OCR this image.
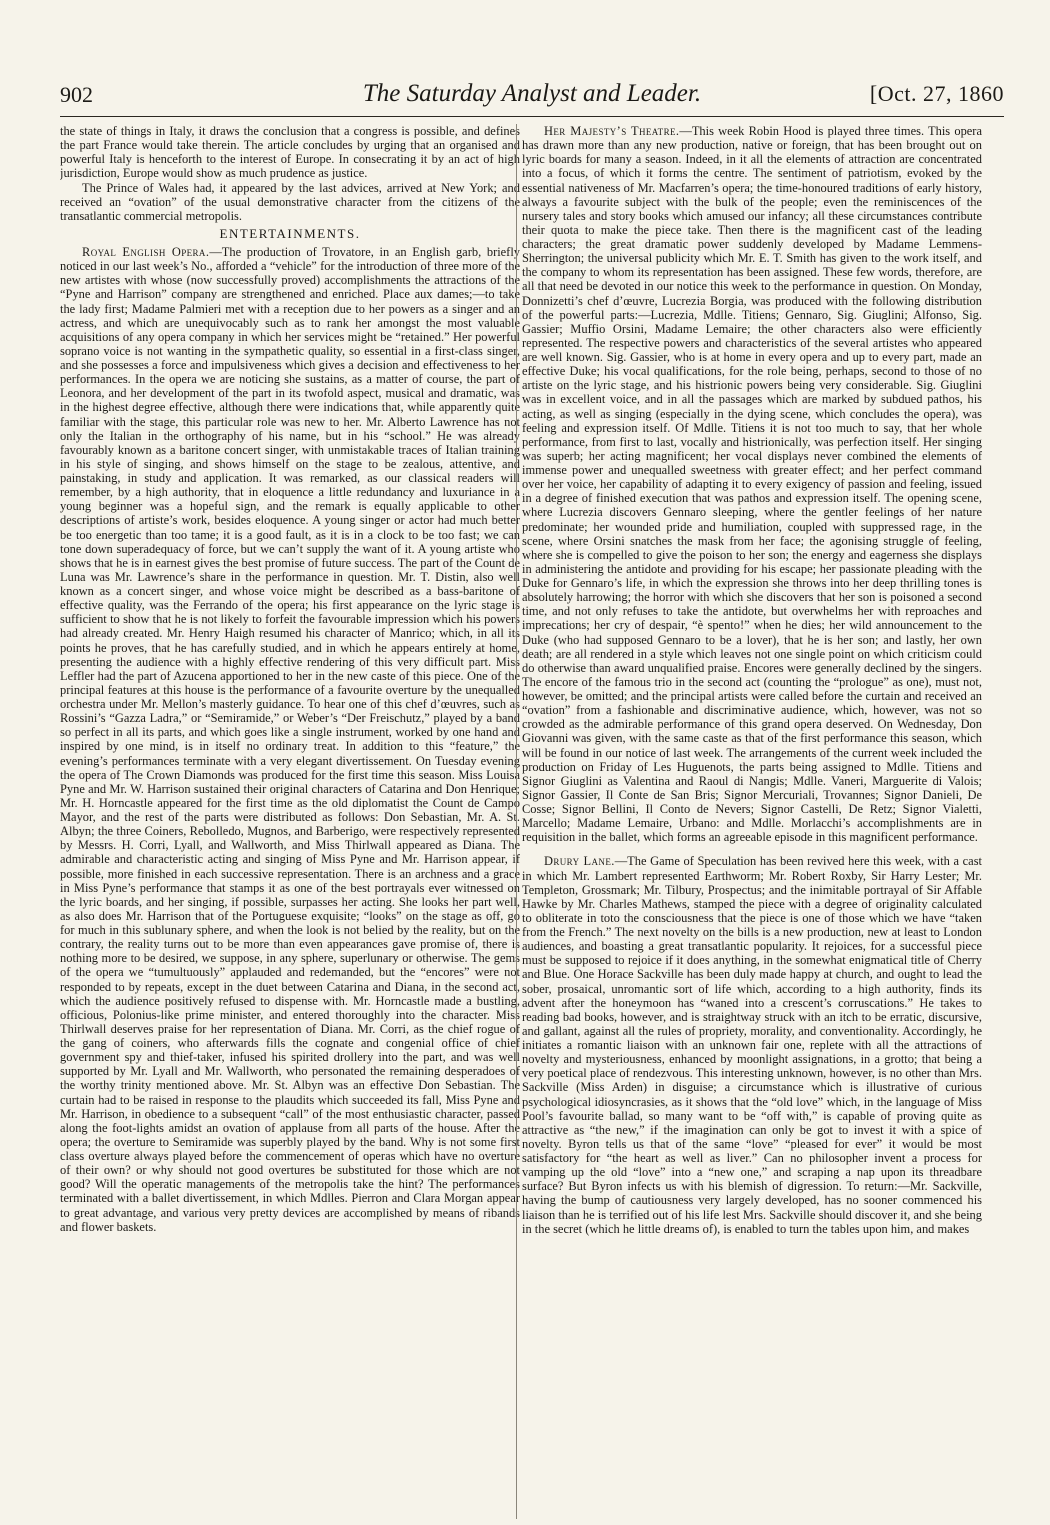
902	The Saturday Analyst and Leader.	[Oct. 27, 1860

the state of things in Italy, it draws the conclusion that a congress is possible, and defines the part France would take therein. The article concludes by urging that an organised and powerful Italy is henceforth to the interest of Europe. In consecrating it by an act of high jurisdiction, Europe would show as much prudence as justice.

The Prince of Wales had, it appeared by the last advices, arrived at New York; and received an “ovation” of the usual demonstrative character from the citizens of the transatlantic commercial metropolis.

ENTERTAINMENTS.

Royal English Opera.—The production of Trovatore, in an English garb, briefly noticed in our last week’s No., afforded a “vehicle” for the introduction of three more of the new artistes with whose (now successfully proved) accomplishments the attractions of the “Pyne and Harrison” company are strengthened and enriched. Place aux dames;—to take the lady first; Madame Palmieri met with a reception due to her powers as a singer and an actress, and which are unequivocably such as to rank her amongst the most valuable acquisitions of any opera company in which her services might be “retained.” Her powerful soprano voice is not wanting in the sympathetic quality, so essential in a first-class singer, and she possesses a force and impulsiveness which gives a decision and effectiveness to her performances. In the opera we are noticing she sustains, as a matter of course, the part of Leonora, and her development of the part in its twofold aspect, musical and dramatic, was in the highest degree effective, although there were indications that, while apparently quite familiar with the stage, this particular role was new to her. Mr. Alberto Lawrence has not only the Italian in the orthography of his name, but in his “school.” He was already favourably known as a baritone concert singer, with unmistakable traces of Italian training in his style of singing, and shows himself on the stage to be zealous, attentive, and painstaking, in study and application. It was remarked, as our classical readers will remember, by a high authority, that in eloquence a little redundancy and luxuriance in a young beginner was a hopeful sign, and the remark is equally applicable to other descriptions of artiste’s work, besides eloquence. A young singer or actor had much better be too energetic than too tame; it is a good fault, as it is in a clock to be too fast; we can tone down superadequacy of force, but we can’t supply the want of it. A young artiste who shows that he is in earnest gives the best promise of future success. The part of the Count de Luna was Mr. Lawrence’s share in the performance in question. Mr. T. Distin, also well known as a concert singer, and whose voice might be described as a bass-baritone of effective quality, was the Ferrando of the opera; his first appearance on the lyric stage is sufficient to show that he is not likely to forfeit the favourable impression which his powers had already created. Mr. Henry Haigh resumed his character of Manrico; which, in all its points he proves, that he has carefully studied, and in which he appears entirely at home, presenting the audience with a highly effective rendering of this very difficult part. Miss Leffler had the part of Azucena apportioned to her in the new caste of this piece. One of the principal features at this house is the performance of a favourite overture by the unequalled orchestra under Mr. Mellon’s masterly guidance. To hear one of this chef d’œuvres, such as Rossini’s “Gazza Ladra,” or “Semiramide,” or Weber’s “Der Freischutz,” played by a band so perfect in all its parts, and which goes like a single instrument, worked by one hand and inspired by one mind, is in itself no ordinary treat. In addition to this “feature,” the evening’s performances terminate with a very elegant divertissement. On Tuesday evening the opera of The Crown Diamonds was produced for the first time this season. Miss Louisa Pyne and Mr. W. Harrison sustained their original characters of Catarina and Don Henrique; Mr. H. Horncastle appeared for the first time as the old diplomatist the Count de Campo Mayor, and the rest of the parts were distributed as follows: Don Sebastian, Mr. A. St. Albyn; the three Coiners, Rebolledo, Mugnos, and Barberigo, were respectively represented by Messrs. H. Corri, Lyall, and Wallworth, and Miss Thirlwall appeared as Diana. The admirable and characteristic acting and singing of Miss Pyne and Mr. Harrison appear, if possible, more finished in each successive representation. There is an archness and a grace in Miss Pyne’s performance that stamps it as one of the best portrayals ever witnessed on the lyric boards, and her singing, if possible, surpasses her acting. She looks her part well, as also does Mr. Harrison that of the Portuguese exquisite; “looks” on the stage as off, go for much in this sublunary sphere, and when the look is not belied by the reality, but on the contrary, the reality turns out to be more than even appearances gave promise of, there is nothing more to be desired, we suppose, in any sphere, superlunary or otherwise. The gems of the opera we “tumultuously” applauded and redemanded, but the “encores” were not responded to by repeats, except in the duet between Catarina and Diana, in the second act, which the audience positively refused to dispense with. Mr. Horncastle made a bustling, officious, Polonius-like prime minister, and entered thoroughly into the character. Miss Thirlwall deserves praise for her representation of Diana. Mr. Corri, as the chief rogue of the gang of coiners, who afterwards fills the cognate and congenial office of chief government spy and thief-taker, infused his spirited drollery into the part, and was well supported by Mr. Lyall and Mr. Wallworth, who personated the remaining desperadoes of the worthy trinity mentioned above. Mr. St. Albyn was an effective Don Sebastian. The curtain had to be raised in response to the plaudits which succeeded its fall, Miss Pyne and Mr. Harrison, in obedience to a subsequent “call” of the most enthusiastic character, passed along the foot-lights amidst an ovation of applause from all parts of the house. After the opera; the overture to Semiramide was superbly played by the band. Why is not some first class overture always played before the commencement of operas which have no overture of their own? or why should not good overtures be substituted for those which are not good? Will the operatic managements of the metropolis take the hint? The performances terminated with a ballet divertissement, in which Mdlles. Pierron and Clara Morgan appear to great advantage, and various very pretty devices are accomplished by means of ribands and flower baskets.

Her Majesty’s Theatre.—This week Robin Hood is played three times. This opera has drawn more than any new production, native or foreign, that has been brought out on lyric boards for many a season. Indeed, in it all the elements of attraction are concentrated into a focus, of which it forms the centre. The sentiment of patriotism, evoked by the essential nativeness of Mr. Macfarren’s opera; the time-honoured traditions of early history, always a favourite subject with the bulk of the people; even the reminiscences of the nursery tales and story books which amused our infancy; all these circumstances contribute their quota to make the piece take. Then there is the magnificent cast of the leading characters; the great dramatic power suddenly developed by Madame Lemmens-Sherrington; the universal publicity which Mr. E. T. Smith has given to the work itself, and the company to whom its representation has been assigned. These few words, therefore, are all that need be devoted in our notice this week to the performance in question. On Monday, Donnizetti’s chef d’œuvre, Lucrezia Borgia, was produced with the following distribution of the powerful parts:—Lucrezia, Mdlle. Titiens; Gennaro, Sig. Giuglini; Alfonso, Sig. Gassier; Muffio Orsini, Madame Lemaire; the other characters also were efficiently represented. The respective powers and characteristics of the several artistes who appeared are well known. Sig. Gassier, who is at home in every opera and up to every part, made an effective Duke; his vocal qualifications, for the role being, perhaps, second to those of no artiste on the lyric stage, and his histrionic powers being very considerable. Sig. Giuglini was in excellent voice, and in all the passages which are marked by subdued pathos, his acting, as well as singing (especially in the dying scene, which concludes the opera), was feeling and expression itself. Of Mdlle. Titiens it is not too much to say, that her whole performance, from first to last, vocally and histrionically, was perfection itself. Her singing was superb; her acting magnificent; her vocal displays never combined the elements of immense power and unequalled sweetness with greater effect; and her perfect command over her voice, her capability of adapting it to every exigency of passion and feeling, issued in a degree of finished execution that was pathos and expression itself. The opening scene, where Lucrezia discovers Gennaro sleeping, where the gentler feelings of her nature predominate; her wounded pride and humiliation, coupled with suppressed rage, in the scene, where Orsini snatches the mask from her face; the agonising struggle of feeling, where she is compelled to give the poison to her son; the energy and eagerness she displays in administering the antidote and providing for his escape; her passionate pleading with the Duke for Gennaro’s life, in which the expression she throws into her deep thrilling tones is absolutely harrowing; the horror with which she discovers that her son is poisoned a second time, and not only refuses to take the antidote, but overwhelms her with reproaches and imprecations; her cry of despair, “è spento!” when he dies; her wild announcement to the Duke (who had supposed Gennaro to be a lover), that he is her son; and lastly, her own death; are all rendered in a style which leaves not one single point on which criticism could do otherwise than award unqualified praise. Encores were generally declined by the singers. The encore of the famous trio in the second act (counting the “prologue” as one), must not, however, be omitted; and the principal artists were called before the curtain and received an “ovation” from a fashionable and discriminative audience, which, however, was not so crowded as the admirable performance of this grand opera deserved. On Wednesday, Don Giovanni was given, with the same caste as that of the first performance this season, which will be found in our notice of last week. The arrangements of the current week included the production on Friday of Les Huguenots, the parts being assigned to Mdlle. Titiens and Signor Giuglini as Valentina and Raoul di Nangis; Mdlle. Vaneri, Marguerite di Valois; Signor Gassier, Il Conte de San Bris; Signor Mercuriali, Trovannes; Signor Danieli, De Cosse; Signor Bellini, Il Conto de Nevers; Signor Castelli, De Retz; Signor Vialetti, Marcello; Madame Lemaire, Urbano: and Mdlle. Morlacchi’s accomplishments are in requisition in the ballet, which forms an agreeable episode in this magnificent performance.

Drury Lane.—The Game of Speculation has been revived here this week, with a cast in which Mr. Lambert represented Earthworm; Mr. Robert Roxby, Sir Harry Lester; Mr. Templeton, Grossmark; Mr. Tilbury, Prospectus; and the inimitable portrayal of Sir Affable Hawke by Mr. Charles Mathews, stamped the piece with a degree of originality calculated to obliterate in toto the consciousness that the piece is one of those which we have “taken from the French.” The next novelty on the bills is a new production, new at least to London audiences, and boasting a great transatlantic popularity. It rejoices, for a successful piece must be supposed to rejoice if it does anything, in the somewhat enigmatical title of Cherry and Blue. One Horace Sackville has been duly made happy at church, and ought to lead the sober, prosaical, unromantic sort of life which, according to a high authority, finds its advent after the honeymoon has “waned into a crescent’s corruscations.” He takes to reading bad books, however, and is straightway struck with an itch to be erratic, discursive, and gallant, against all the rules of propriety, morality, and conventionality. Accordingly, he initiates a romantic liaison with an unknown fair one, replete with all the attractions of novelty and mysteriousness, enhanced by moonlight assignations, in a grotto; that being a very poetical place of rendezvous. This interesting unknown, however, is no other than Mrs. Sackville (Miss Arden) in disguise; a circumstance which is illustrative of curious psychological idiosyncrasies, as it shows that the “old love” which, in the language of Miss Pool’s favourite ballad, so many want to be “off with,” is capable of proving quite as attractive as “the new,” if the imagination can only be got to invest it with a spice of novelty. Byron tells us that of the same “love” “pleased for ever” it would be most satisfactory for “the heart as well as liver.” Can no philosopher invent a process for vamping up the old “love” into a “new one,” and scraping a nap upon its threadbare surface? But Byron infects us with his blemish of digression. To return:—Mr. Sackville, having the bump of cautiousness very largely developed, has no sooner commenced his liaison than he is terrified out of his life lest Mrs. Sackville should discover it, and she being in the secret (which he little dreams of), is enabled to turn the tables upon him, and makes
